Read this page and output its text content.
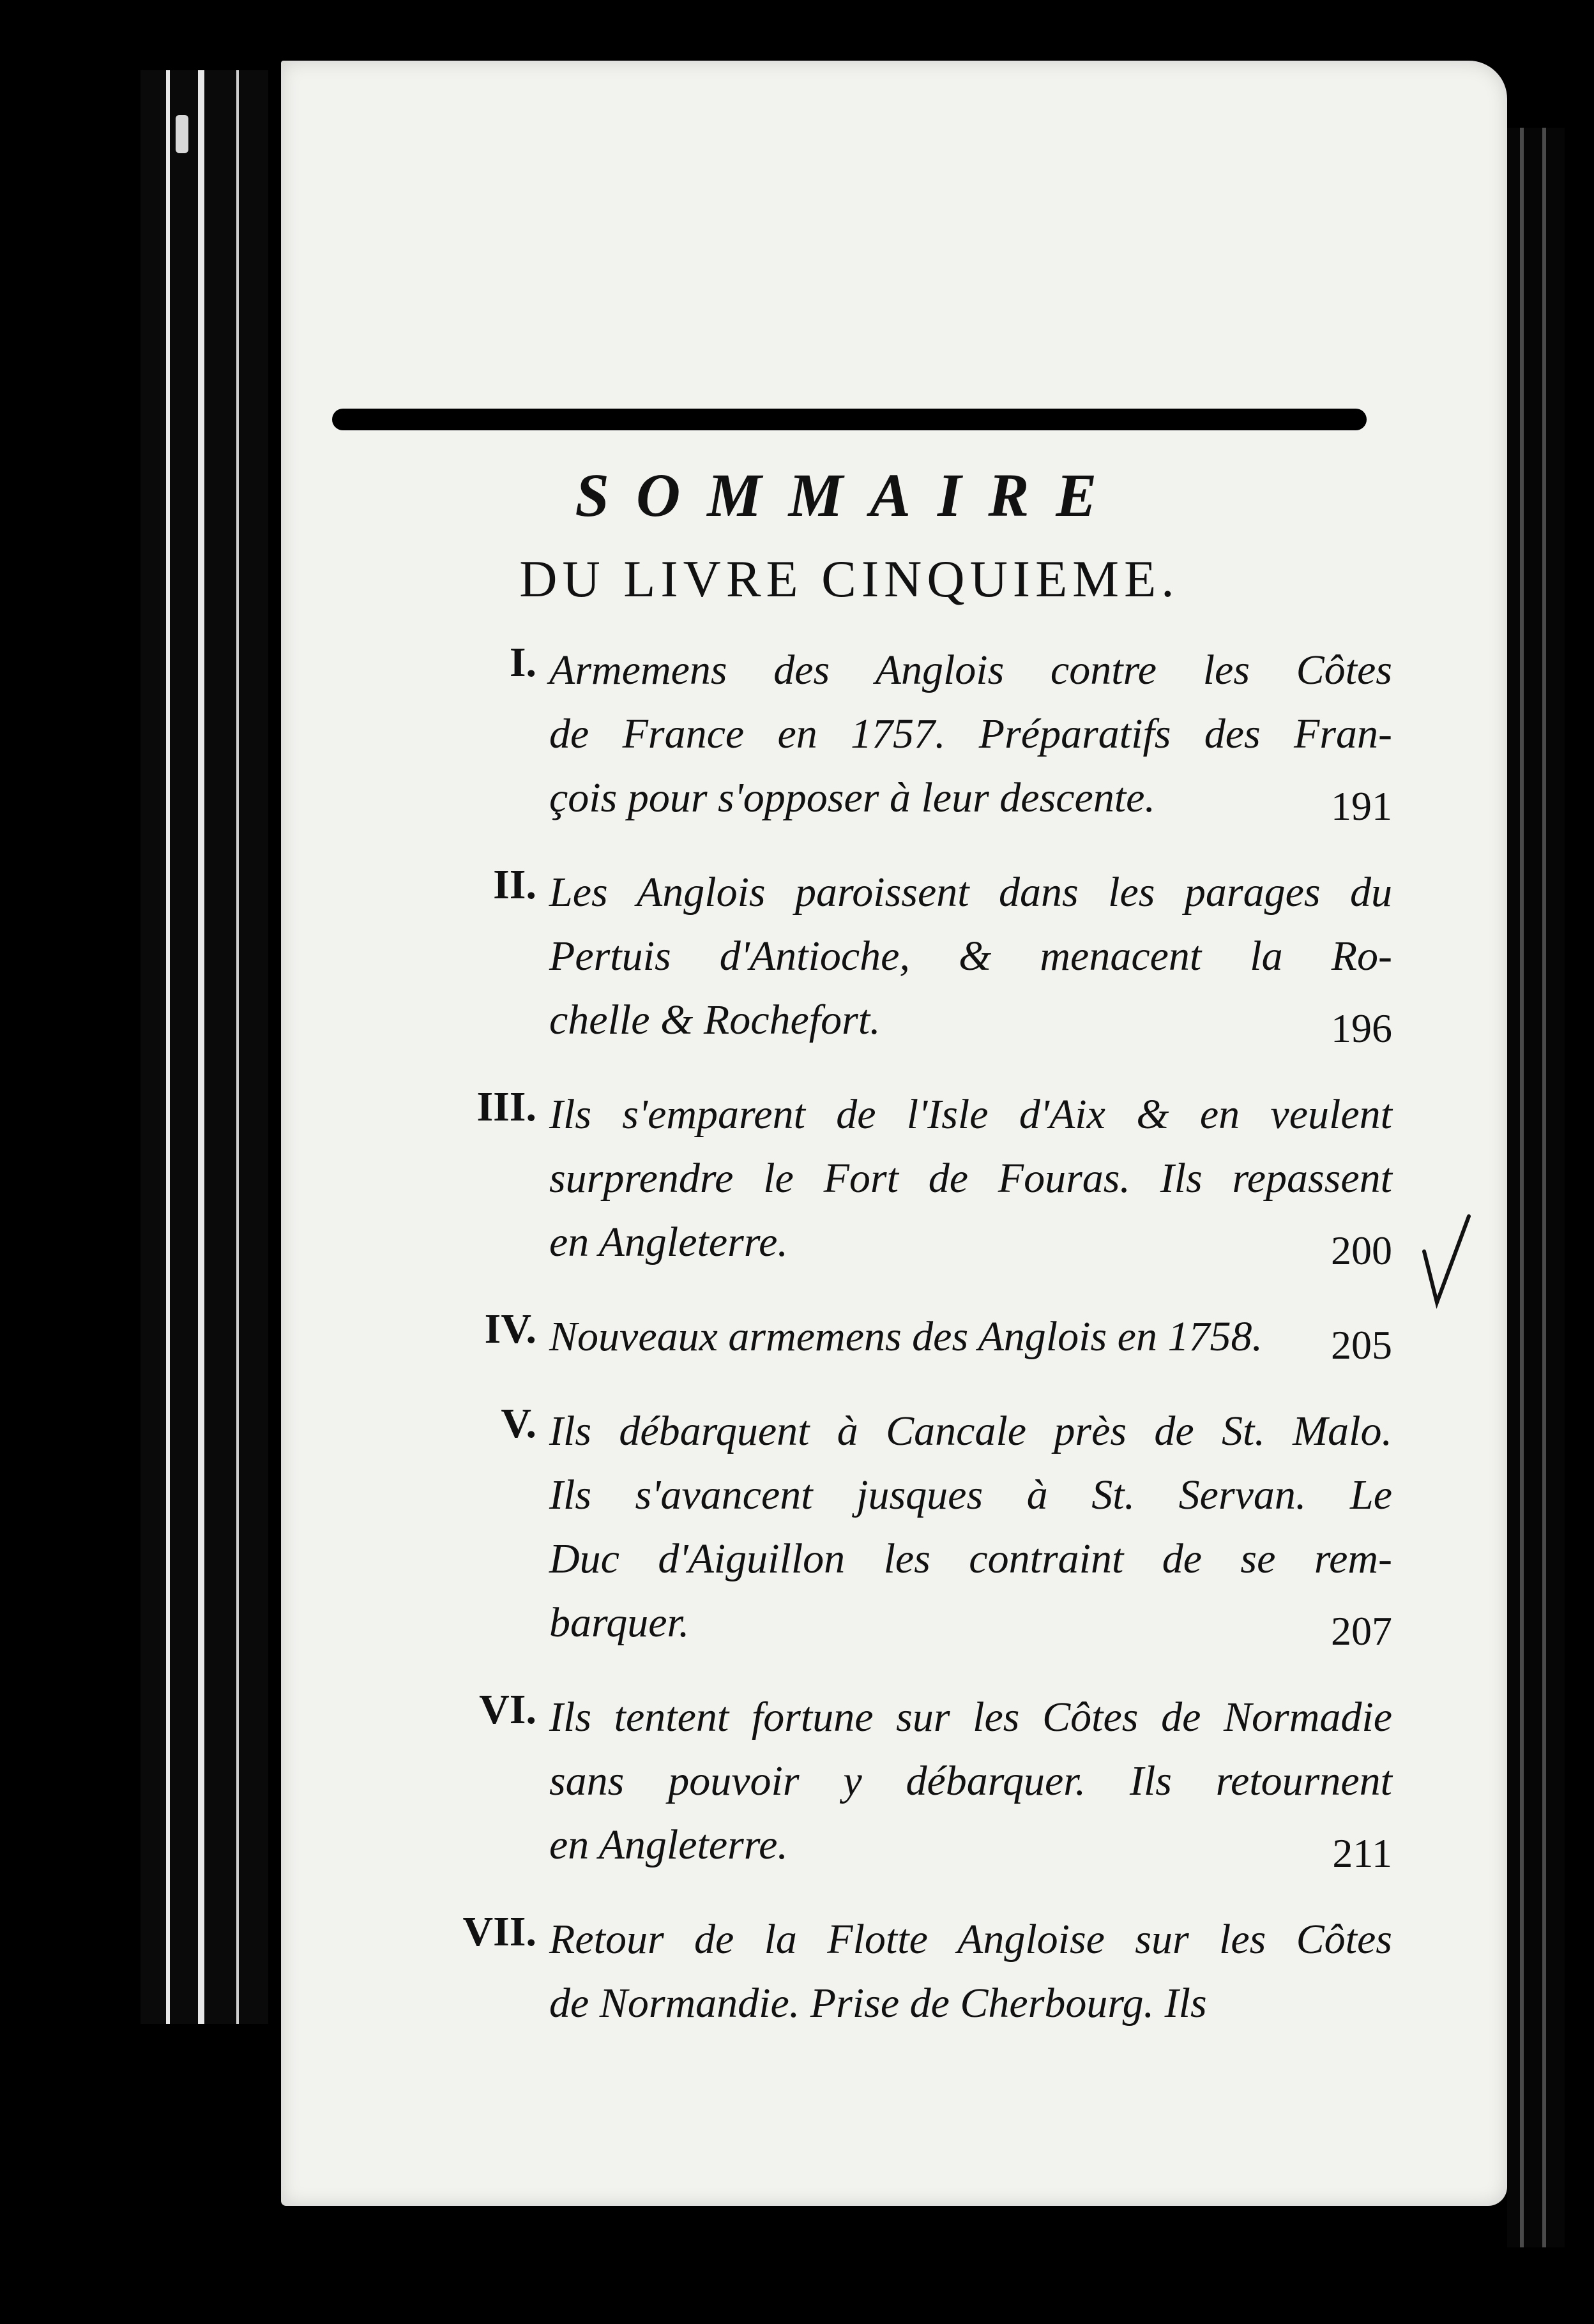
SOMMAIRE
DU LIVRE CINQUIEME.
I. Armemens des Anglois contre les Côtes
de France en 1757. Préparatifs des Fran-
çois pour s'opposer à leur descente.	191
II. Les Anglois paroissent dans les parages du
Pertuis d'Antioche, & menacent la Ro-
chelle & Rochefort.	196
III. Ils s'emparent de l'Isle d'Aix & en veulent
surprendre le Fort de Fouras. Ils repassent
en Angleterre.	200
IV. Nouveaux armemens des Anglois en 1758.	205
V. Ils débarquent à Cancale près de St. Malo.
Ils s'avancent jusques à St. Servan. Le
Duc d'Aiguillon les contraint de se rem-
barquer.	207
VI. Ils tentent fortune sur les Côtes de Normadie
sans pouvoir y débarquer. Ils retournent
en Angleterre.	211
VII. Retour de la Flotte Angloise sur les Côtes
de Normandie. Prise de Cherbourg. Ils
